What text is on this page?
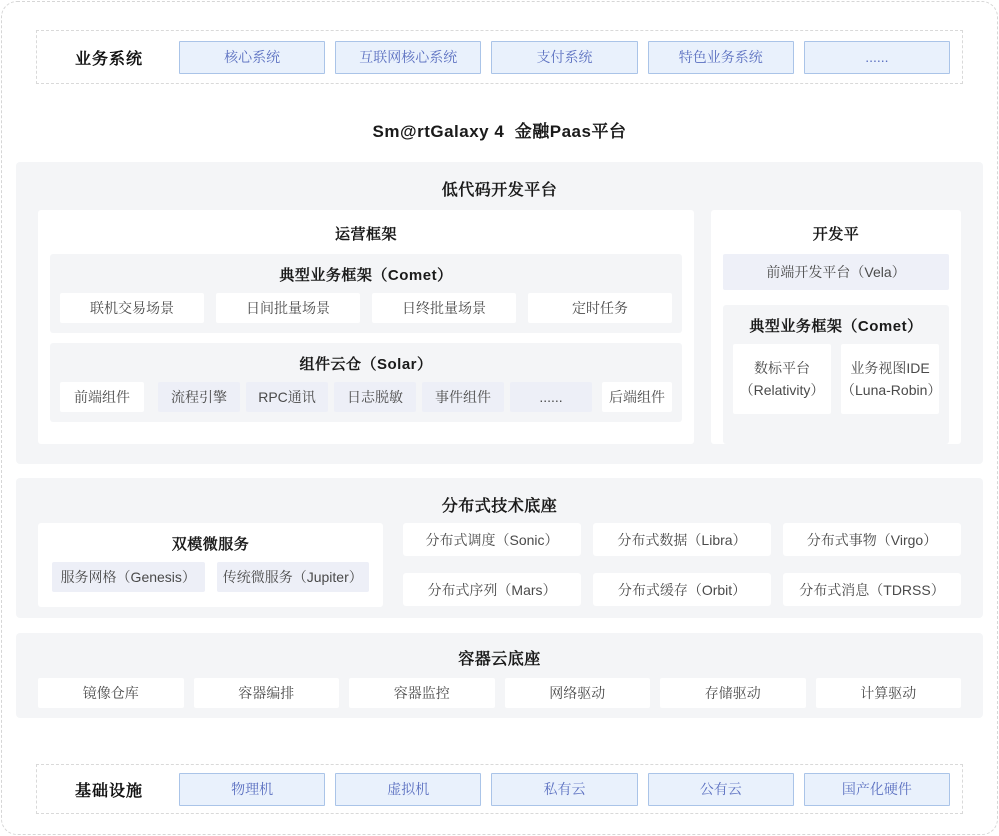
业务系统	核心系统	互联网核心系统	支付系统	特色业务系统	......
Sm@rtGalaxy 4  金融Paas平台
低代码开发平台
运营框架
典型业务框架（Comet）
联机交易场景	日间批量场景	日终批量场景	定时任务
组件云仓（Solar）
前端组件	流程引擎	RPC通讯	日志脱敏	事件组件	......	后端组件
开发平
前端开发平台（Vela）
典型业务框架（Comet）
数标平台
（Relativity）
业务视图IDE
（Luna-Robin）
分布式技术底座
双模微服务
服务网格（Genesis）	传统微服务（Jupiter）
分布式调度（Sonic）	分布式数据（Libra）	分布式事物（Virgo）
分布式序列（Mars）	分布式缓存（Orbit）	分布式消息（TDRSS）
容器云底座
镜像仓库	容器编排	容器监控	网络驱动	存储驱动	计算驱动
基础设施	物理机	虚拟机	私有云	公有云	国产化硬件
